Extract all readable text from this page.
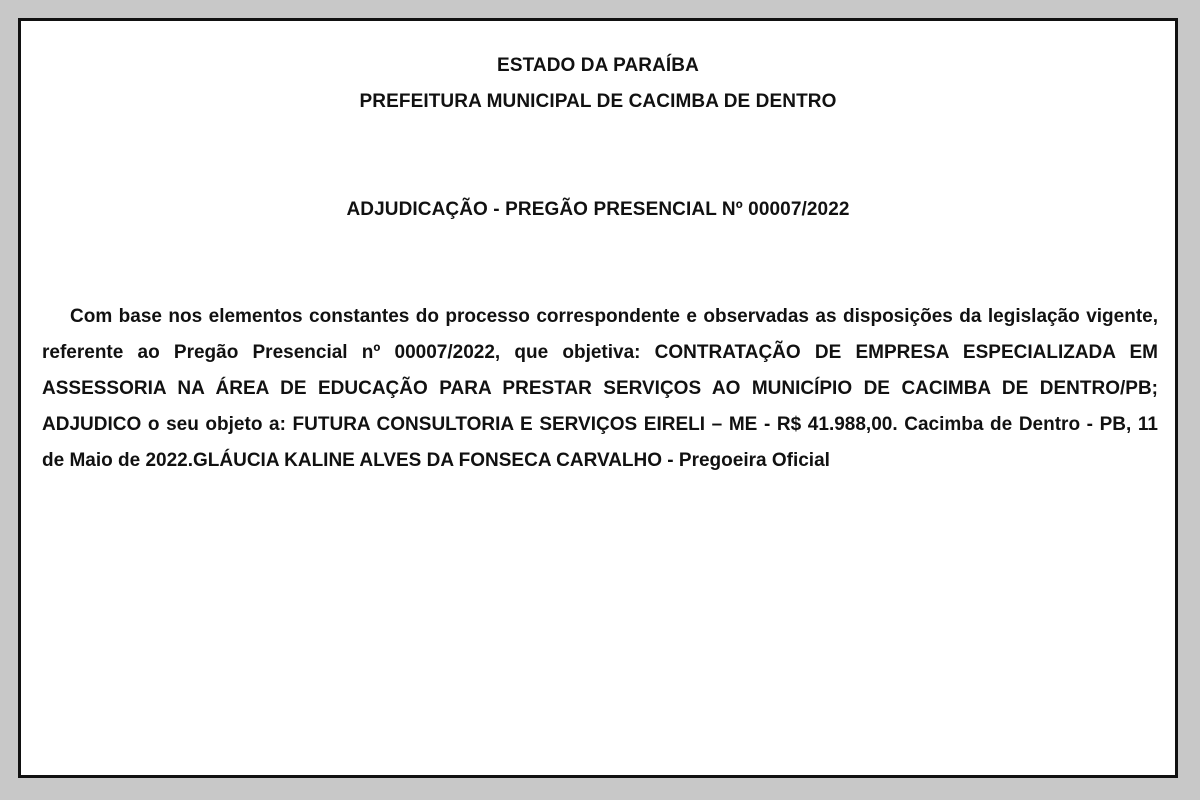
ESTADO DA PARAÍBA
PREFEITURA MUNICIPAL DE CACIMBA DE DENTRO
ADJUDICAÇÃO - PREGÃO PRESENCIAL Nº 00007/2022
Com base nos elementos constantes do processo correspondente e observadas as disposições da legislação vigente, referente ao Pregão Presencial nº 00007/2022, que objetiva: CONTRATAÇÃO DE EMPRESA ESPECIALIZADA EM ASSESSORIA NA ÁREA DE EDUCAÇÃO PARA PRESTAR SERVIÇOS AO MUNICÍPIO DE CACIMBA DE DENTRO/PB; ADJUDICO o seu objeto a: FUTURA CONSULTORIA E SERVIÇOS EIRELI – ME - R$ 41.988,00. Cacimba de Dentro - PB, 11 de Maio de 2022.GLÁUCIA KALINE ALVES DA FONSECA CARVALHO - Pregoeira Oficial
